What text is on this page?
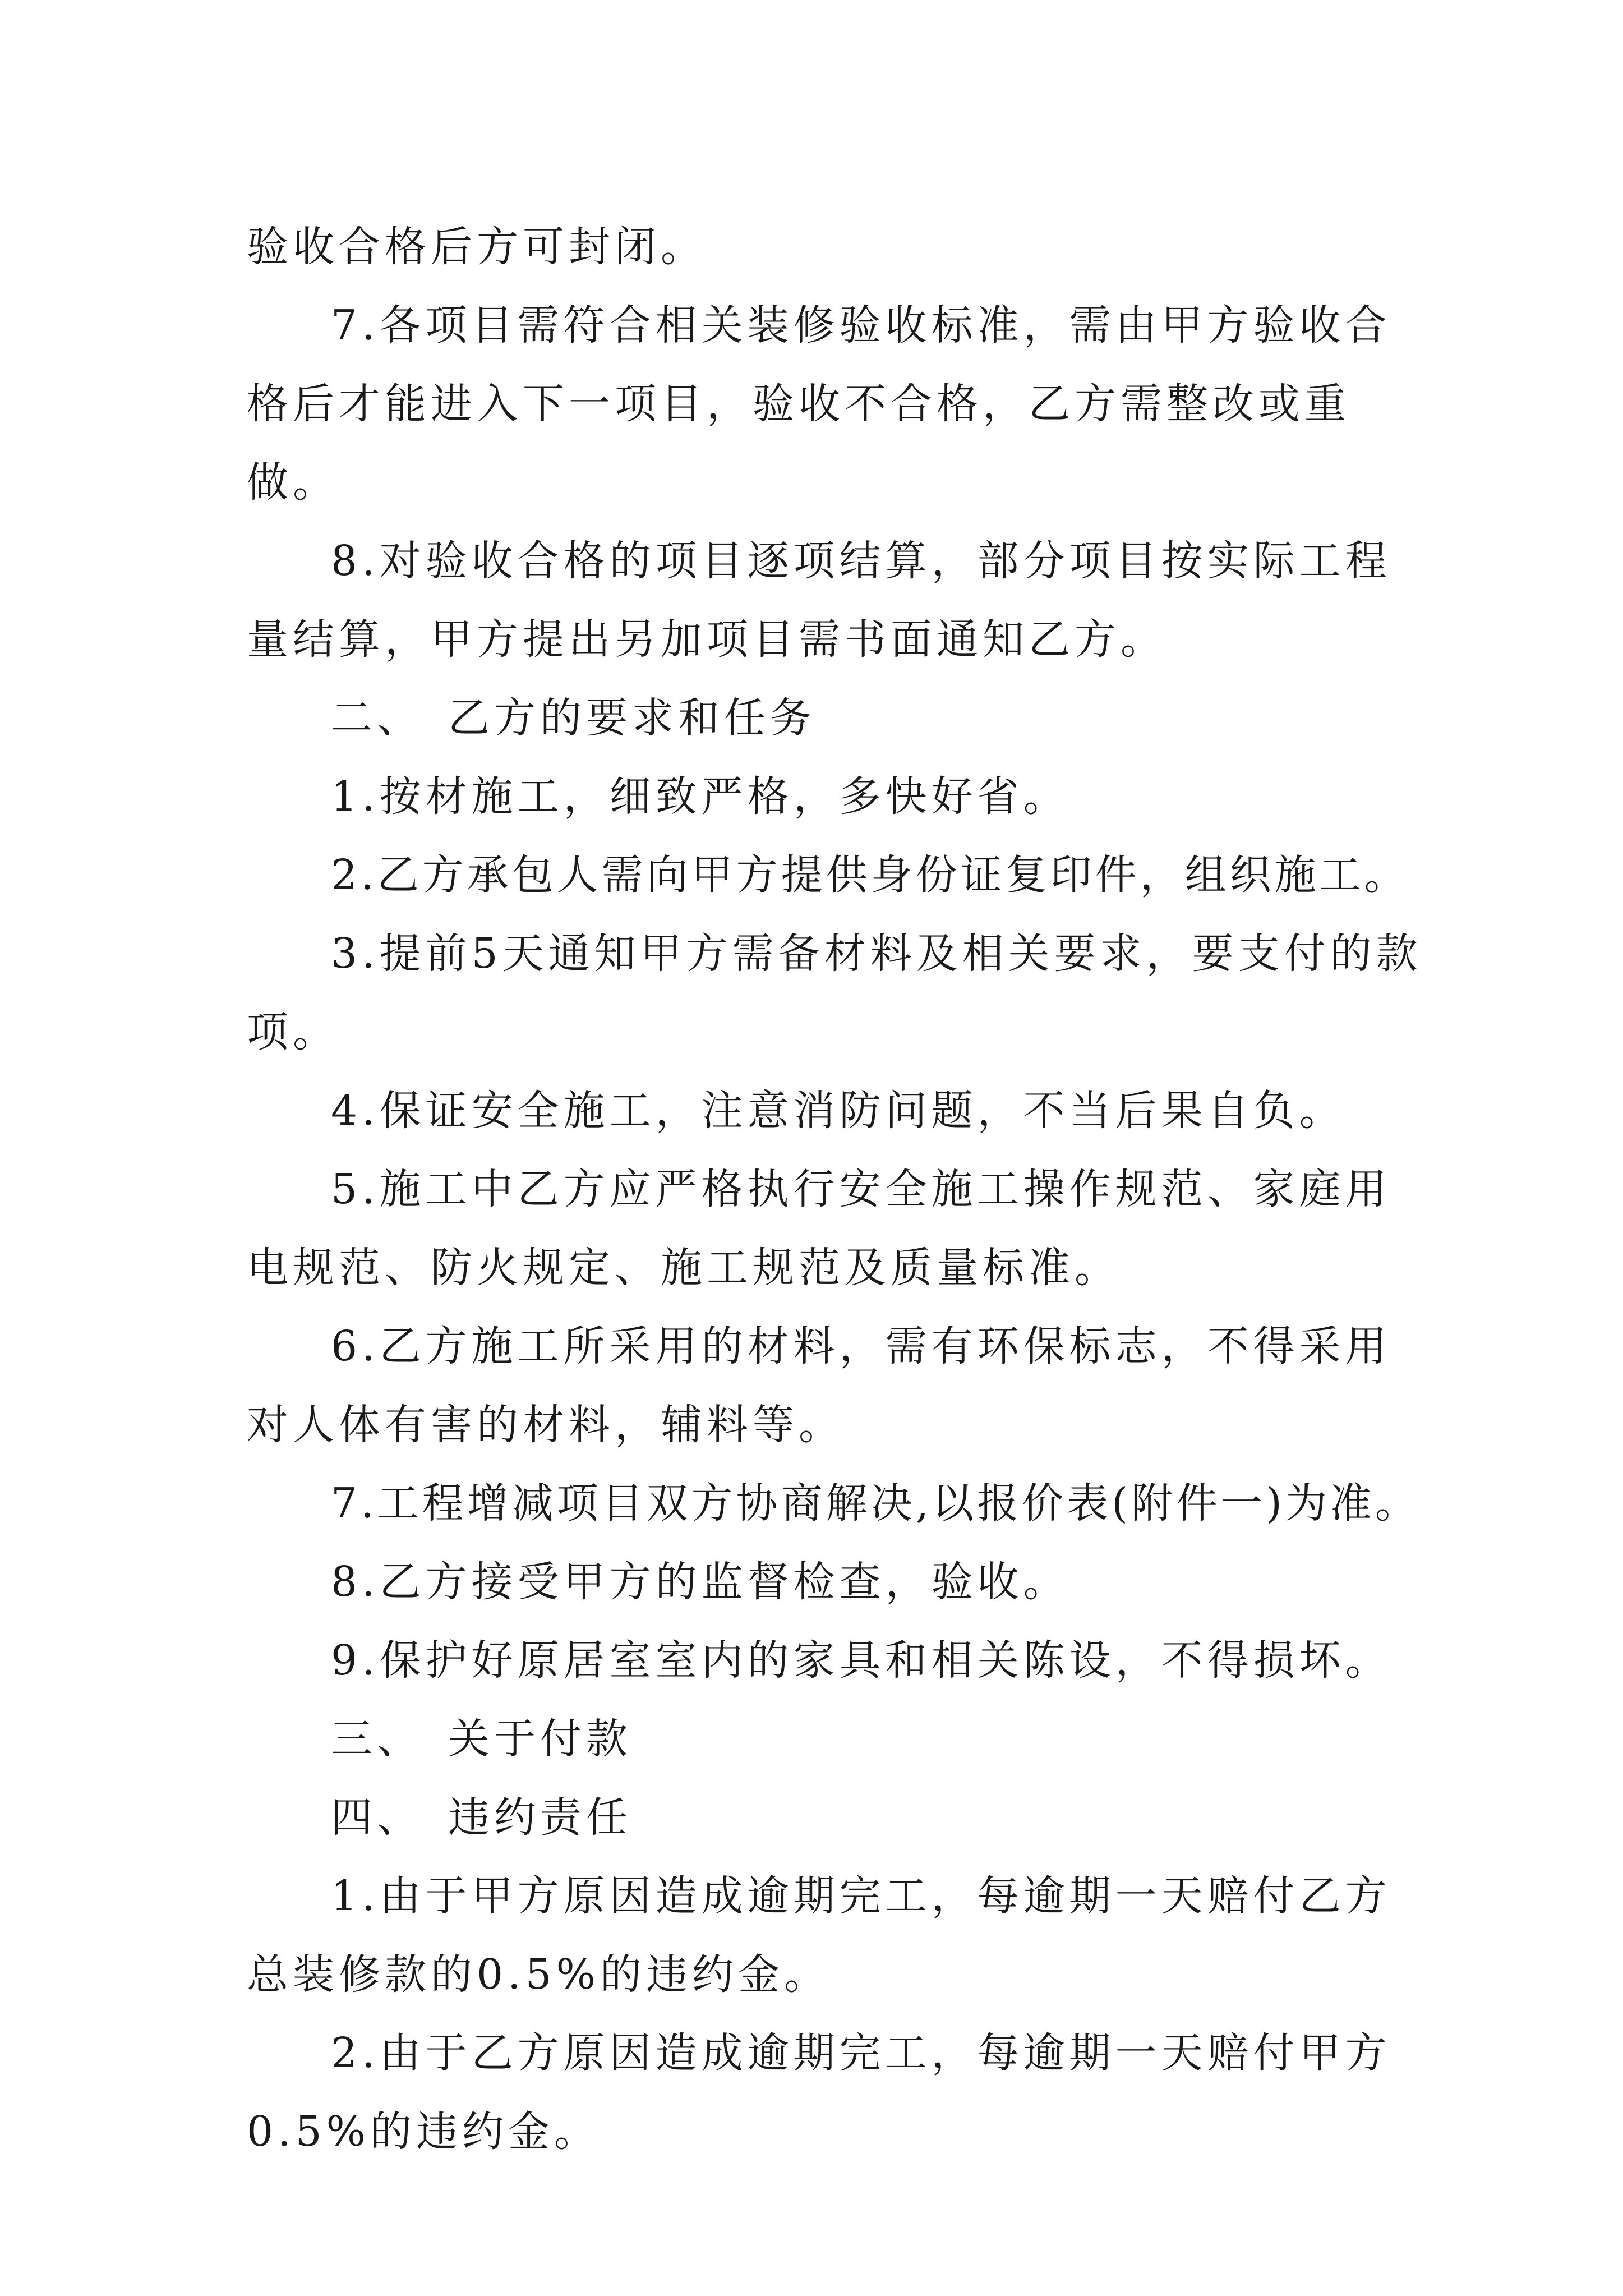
验收合格后方可封闭。

7.各项目需符合相关装修验收标准，需由甲方验收合格后才能进入下一项目，验收不合格，乙方需整改或重做。

8.对验收合格的项目逐项结算，部分项目按实际工程量结算，甲方提出另加项目需书面通知乙方。

二、　乙方的要求和任务

1.按材施工，细致严格，多快好省。

2.乙方承包人需向甲方提供身份证复印件，组织施工。

3.提前5天通知甲方需备材料及相关要求，要支付的款项。

4.保证安全施工，注意消防问题，不当后果自负。

5.施工中乙方应严格执行安全施工操作规范、家庭用电规范、防火规定、施工规范及质量标准。

6.乙方施工所采用的材料，需有环保标志，不得采用对人体有害的材料，辅料等。

7.工程增减项目双方协商解决,以报价表(附件一)为准。

8.乙方接受甲方的监督检查，验收。

9.保护好原居室室内的家具和相关陈设，不得损坏。

三、　关于付款

四、　违约责任

1.由于甲方原因造成逾期完工，每逾期一天赔付乙方总装修款的0.5%的违约金。

2.由于乙方原因造成逾期完工，每逾期一天赔付甲方0.5%的违约金。
